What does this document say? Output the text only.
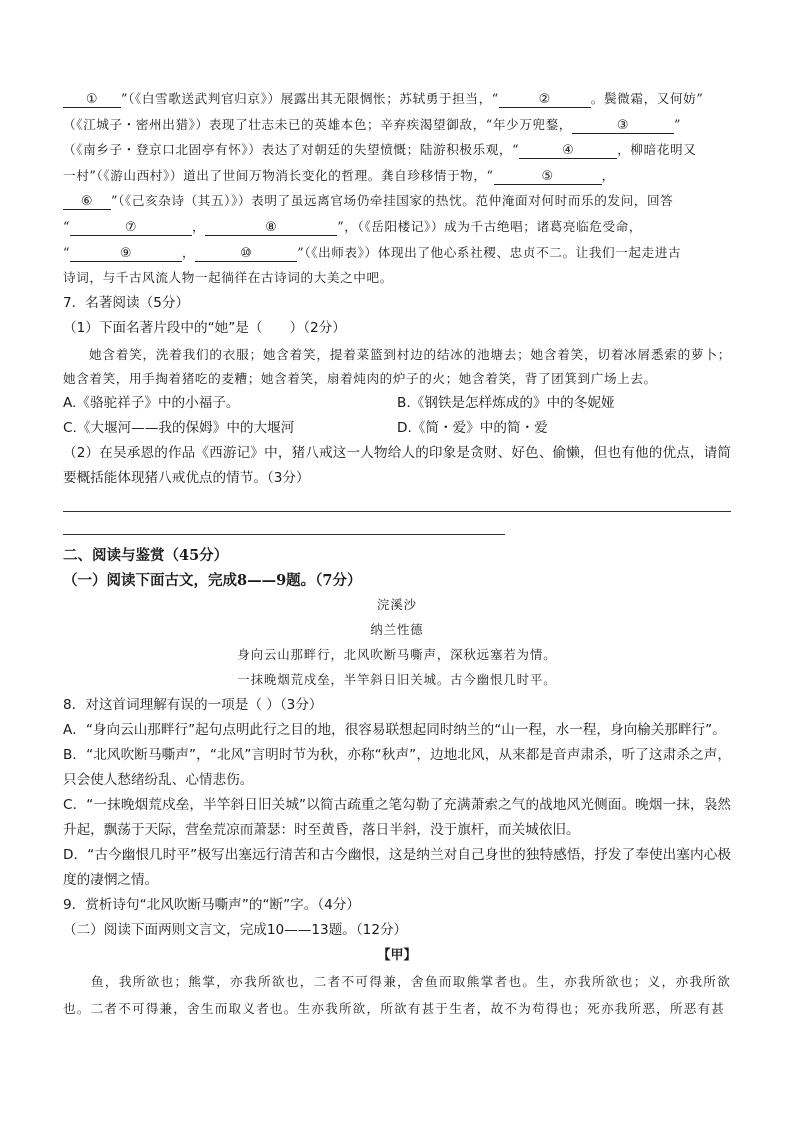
① ”（《白雪歌送武判官归京》）展露出其无限惆怅；苏轼勇于担当，“	②	。鬓微霜，又何妨”
（《江城子・密州出猎》）表现了壮志未已的英雄本色；辛弃疾渴望御敌，“年少万兜鍪，	③	”
（《南乡子・登京口北固亭有怀》）表达了对朝廷的失望愤慨；陆游积极乐观，“	④	，柳暗花明又
一村”（《游山西村》）道出了世间万物消长变化的哲理。龚自珍移情于物，“	⑤	，
⑥ ”（《己亥杂诗（其五）》）表明了虽远离官场仍牵挂国家的热忱。范仲淹面对何时而乐的发问，回答
“	⑦	，	⑧	”，（《岳阳楼记》）成为千古绝唱；诸葛亮临危受命，
“	⑨	，	⑩	”（《出师表》）体现出了他心系社稷、忠贞不二。让我们一起走进古
诗词，与千古风流人物一起徜徉在古诗词的大美之中吧。

7．名著阅读（5分）

（1）下面名著片段中的“她”是（　　）（2分）

她含着笑，洗着我们的衣服；她含着笑，提着菜篮到村边的结冰的池塘去；她含着笑，切着冰屑悉索的萝卜；她含着笑，用手掏着猪吃的麦糟；她含着笑，扇着炖肉的炉子的火；她含着笑，背了团箕到广场上去。

A.《骆驼祥子》中的小福子。	B.《钢铁是怎样炼成的》中的冬妮娅
C.《大堰河——我的保姆》中的大堰河	D.《简・爱》中的简・爱

（2）在吴承恩的作品《西游记》中，猪八戒这一人物给人的印象是贪财、好色、偷懒，但也有他的优点，请简要概括能体现猪八戒优点的情节。（3分）

二、阅读与鉴赏（45分）

（一）阅读下面古文，完成8——9题。（7分）

浣溪沙

纳兰性德

身向云山那畔行，北风吹断马嘶声，深秋远塞若为情。

一抹晚烟荒戍垒，半竿斜日旧关城。古今幽恨几时平。

8．对这首词理解有误的一项是（ ）（3分）

A．“身向云山那畔行”起句点明此行之目的地，很容易联想起同时纳兰的“山一程，水一程，身向榆关那畔行”。

B．“北风吹断马嘶声”，“北风”言明时节为秋，亦称“秋声”，边地北风，从来都是音声肃杀，听了这肃杀之声，只会使人愁绪纷乱、心情悲伤。

C．“一抹晚烟荒戍垒，半竿斜日旧关城”以简古疏重之笔勾勒了充满萧索之气的战地风光侧面。晚烟一抹，袅然升起，飘荡于天际，营垒荒凉而萧瑟：时至黄昏，落日半斜，没于旗杆，而关城依旧。

D．“古今幽恨几时平”极写出塞远行清苦和古今幽恨，这是纳兰对自己身世的独特感悟，抒发了奉使出塞内心极度的凄惘之情。

9．赏析诗句“北风吹断马嘶声”的“断”字。（4分）

（二）阅读下面两则文言文，完成10——13题。（12分）

【甲】

鱼，我所欲也；熊掌，亦我所欲也，二者不可得兼，舍鱼而取熊掌者也。生，亦我所欲也；义，亦我所欲也。二者不可得兼，舍生而取义者也。生亦我所欲，所欲有甚于生者，故不为苟得也；死亦我所恶，所恶有甚
